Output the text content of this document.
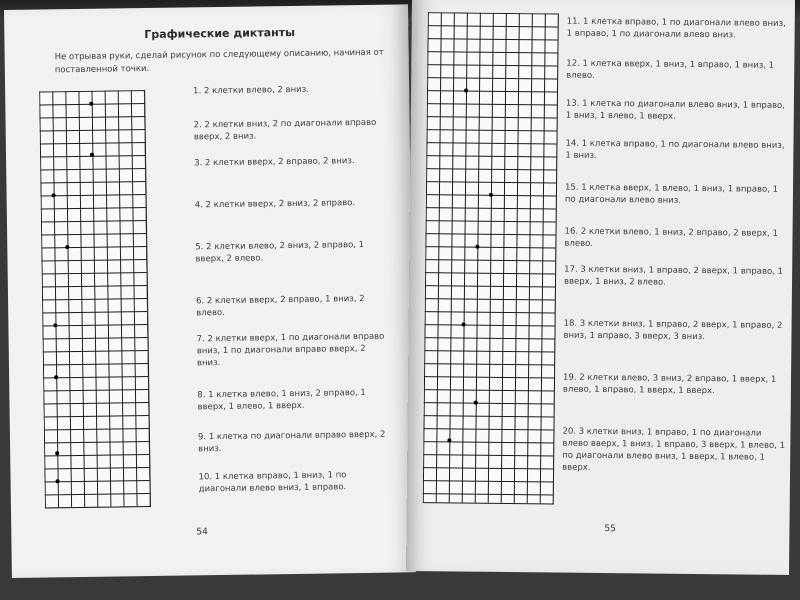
Графические диктанты
Не отрывая руки, сделай рисунок по следующему описанию, начиная от поставленной точки.
1. 2 клетки влево, 2 вниз.
2. 2 клетки вниз, 2 по диагонали вправо вверх, 2 вниз.
3. 2 клетки вверх, 2 вправо, 2 вниз.
4. 2 клетки вверх, 2 вниз, 2 вправо.
5. 2 клетки влево, 2 вниз, 2 вправо, 1 вверх, 2 влево.
6. 2 клетки вверх, 2 вправо, 1 вниз, 2 влево.
7. 2 клетки вверх, 1 по диагонали вправо вниз, 1 по диагонали вправо вверх, 2 вниз.
8. 1 клетка влево, 1 вниз, 2 вправо, 1 вверх, 1 влево, 1 вверх.
9. 1 клетка по диагонали вправо вверх, 2 вниз.
10. 1 клетка вправо, 1 вниз, 1 по диагонали влево вниз, 1 вправо.
54
11. 1 клетка вправо, 1 по диагонали влево вниз, 1 вправо, 1 по диагонали влево вниз.
12. 1 клетка вверх, 1 вниз, 1 вправо, 1 вниз, 1 влево.
13. 1 клетка по диагонали влево вниз, 1 вправо, 1 вниз, 1 влево, 1 вверх.
14. 1 клетка вправо, 1 по диагонали влево вниз, 1 вниз.
15. 1 клетка вверх, 1 влево, 1 вниз, 1 вправо, 1 по диагонали влево вниз.
16. 2 клетки влево, 1 вниз, 2 вправо, 2 вверх, 1 влево.
17. 3 клетки вниз, 1 вправо, 2 вверх, 1 вправо, 1 вверх, 1 вниз, 2 влево.
18. 3 клетки вниз, 1 вправо, 2 вверх, 1 вправо, 2 вниз, 1 вправо, 3 вверх, 3 вниз.
19. 2 клетки влево, 3 вниз, 2 вправо, 1 вверх, 1 влево, 1 вправо, 1 вверх, 1 вверх.
20. 3 клетки вниз, 1 вправо, 1 по диагонали влево вверх, 1 вниз, 1 вправо, 3 вверх, 1 влево, 1 по диагонали влево вниз, 1 вверх, 1 влево, 1 вверх.
55
